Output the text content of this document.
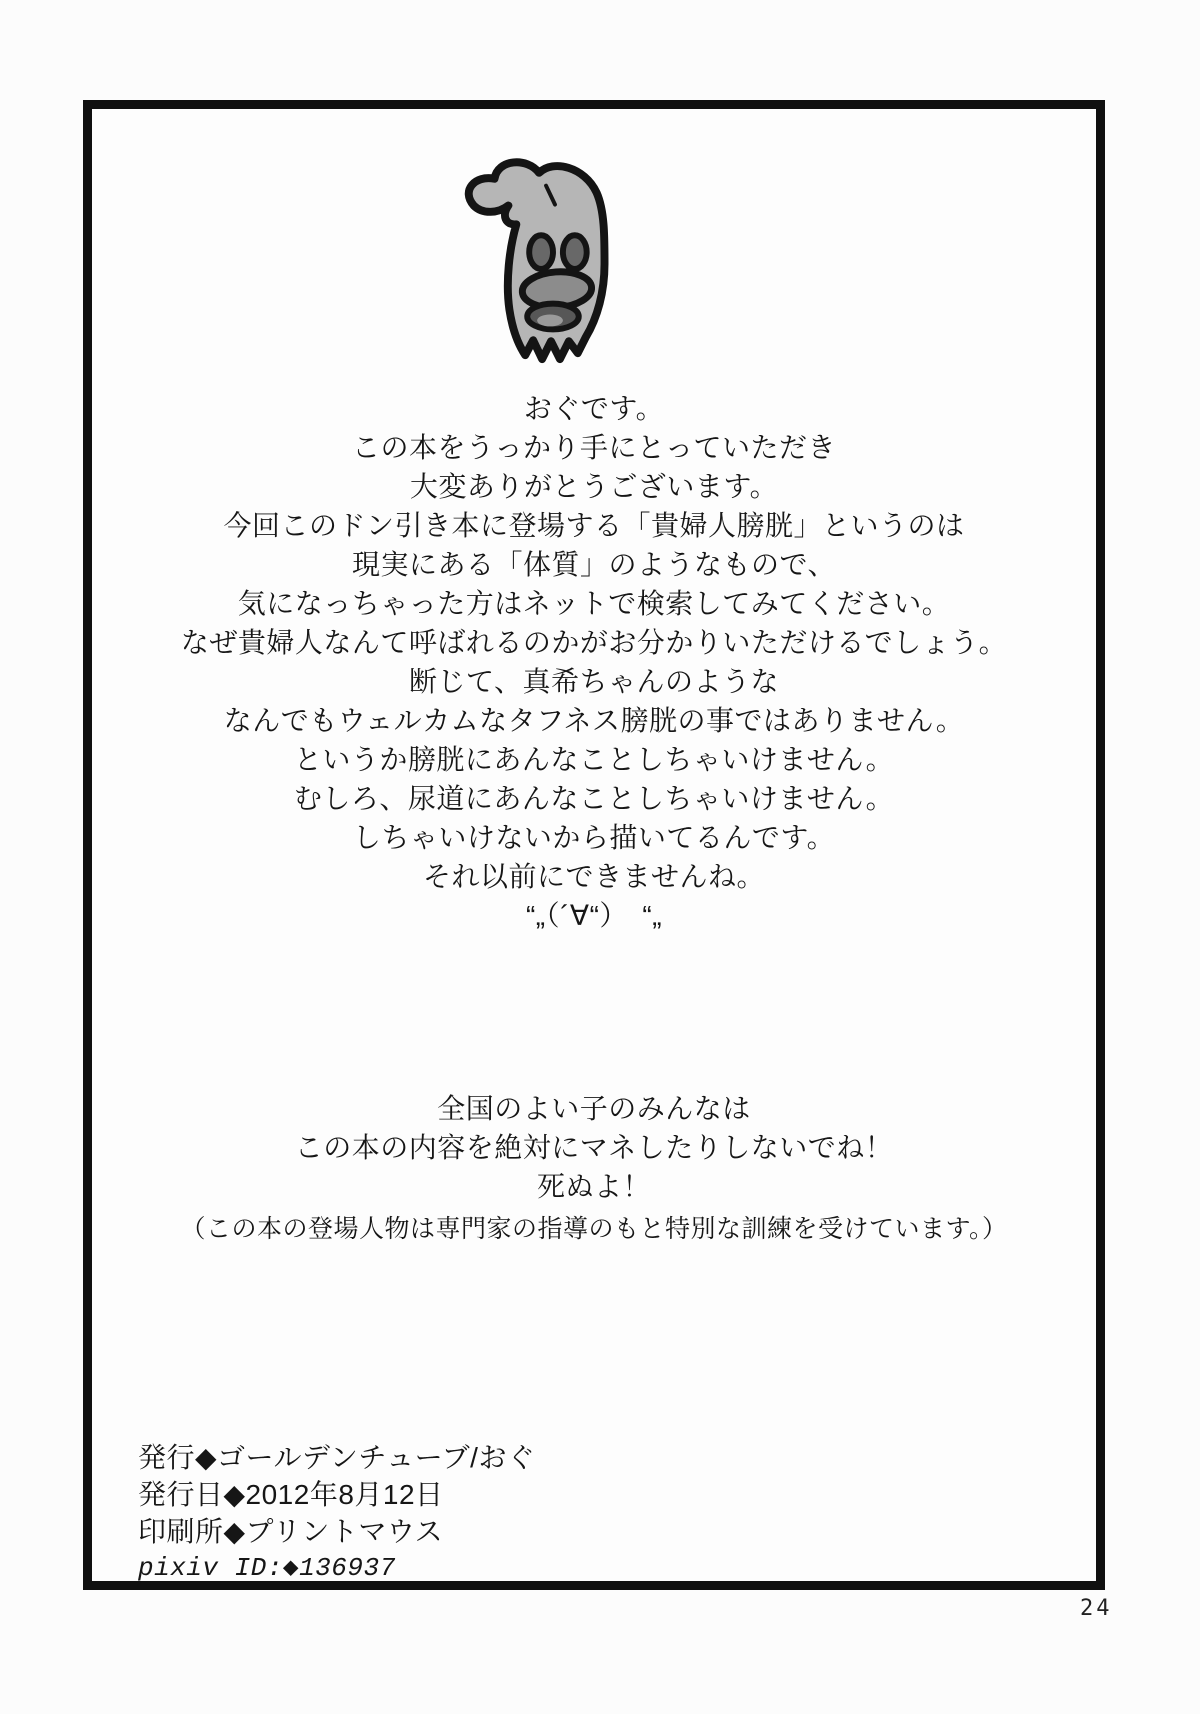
おぐです。
この本をうっかり手にとっていただき
大変ありがとうございます。
今回このドン引き本に登場する「貴婦人膀胱」というのは
現実にある「体質」のようなもので、
気になっちゃった方はネットで検索してみてください。
なぜ貴婦人なんて呼ばれるのかがお分かりいただけるでしょう。
断じて、真希ちゃんのような
なんでもウェルカムなタフネス膀胱の事ではありません。
というか膀胱にあんなことしちゃいけません。
むしろ、尿道にあんなことしちゃいけません。
しちゃいけないから描いてるんです。
それ以前にできませんね。
“„（´∀“）　“„
全国のよい子のみんなは
この本の内容を絶対にマネしたりしないでね！
死ぬよ！
（この本の登場人物は専門家の指導のもと特別な訓練を受けています。）
発行◆ゴールデンチューブ/おぐ
発行日◆2012年8月12日
印刷所◆プリントマウス
pixiv ID:◆136937
24
